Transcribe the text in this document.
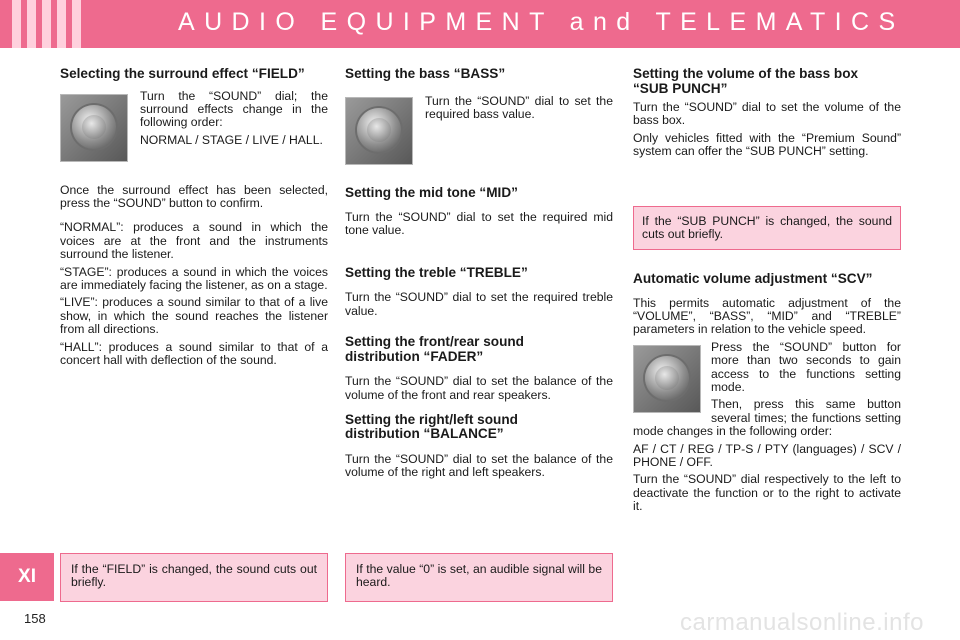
AUDIO EQUIPMENT and TELEMATICS
Selecting the surround effect “FIELD”

Turn the “SOUND” dial; the surround effects change in the following order:

NORMAL / STAGE / LIVE / HALL.

Once the surround effect has been selected, press the “SOUND” button to confirm.

“NORMAL”: produces a sound in which the voices are at the front and the instruments surround the listener.

“STAGE”: produces a sound in which the voices are immediately facing the listener, as on a stage.

“LIVE”: produces a sound similar to that of a live show, in which the sound reaches the listener from all directions.

“HALL”: produces a sound similar to that of a concert hall with deflection of the sound.

If the “FIELD” is changed, the sound cuts out briefly.
Setting the bass “BASS”

Turn the “SOUND” dial to set the required bass value.

Setting the mid tone “MID”

Turn the “SOUND” dial to set the required mid tone value.

Setting the treble “TREBLE”

Turn the “SOUND” dial to set the required treble value.

Setting the front/rear sound distribution “FADER”

Turn the “SOUND” dial to set the balance of the volume of the front and rear speakers.

Setting the right/left sound distribution “BALANCE”

Turn the “SOUND” dial to set the balance of the volume of the right and left speakers.

If the value “0” is set, an audible signal will be heard.
Setting the volume of the bass box “SUB PUNCH”

Turn the “SOUND” dial to set the volume of the bass box.

Only vehicles fitted with the “Premium Sound” system can offer the “SUB PUNCH” setting.

If the “SUB PUNCH” is changed, the sound cuts out briefly.
Automatic volume adjustment “SCV”

This permits automatic adjustment of the “VOLUME”, “BASS”, “MID” and “TREBLE” parameters in relation to the vehicle speed.

Press the “SOUND” button for more than two seconds to gain access to the functions setting mode.

Then, press this same button several times; the functions setting mode changes in the following order:

AF / CT / REG / TP-S / PTY (languages) / SCV / PHONE / OFF.

Turn the “SOUND” dial respectively to the left to deactivate the function or to the right to activate it.

XI
158	carmanualsonline.info
